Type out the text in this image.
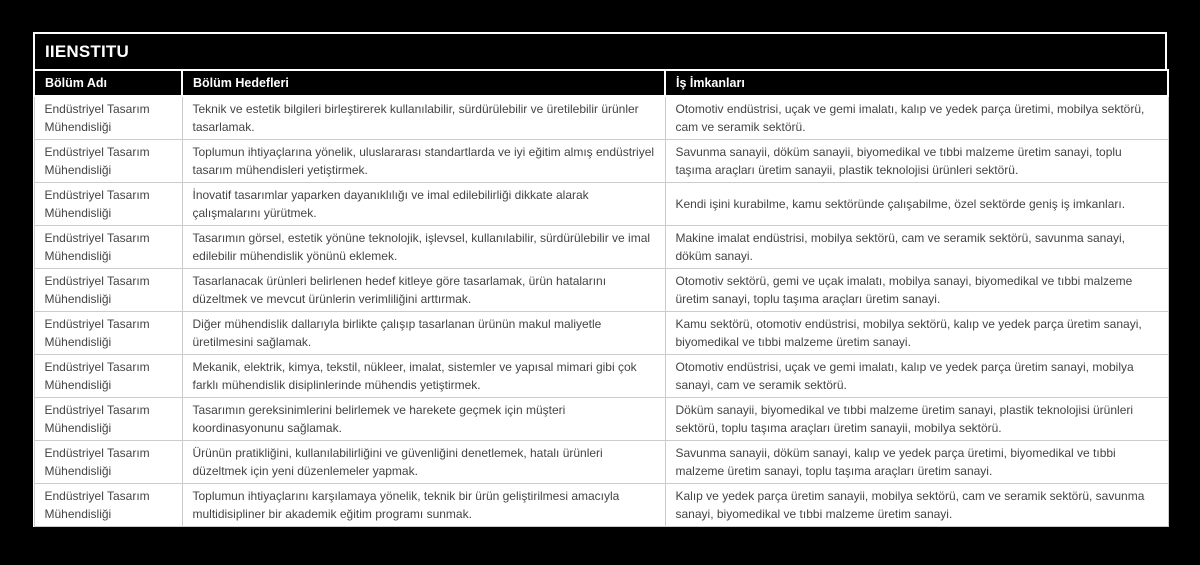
IIENSTITU
Bölüm Adı	Bölüm Hedefleri	İş İmkanları
Endüstriyel Tasarım Mühendisliği	Teknik ve estetik bilgileri birleştirerek kullanılabilir, sürdürülebilir ve üretilebilir ürünler tasarlamak.	Otomotiv endüstrisi, uçak ve gemi imalatı, kalıp ve yedek parça üretimi, mobilya sektörü, cam ve seramik sektörü.
Endüstriyel Tasarım Mühendisliği	Toplumun ihtiyaçlarına yönelik, uluslararası standartlarda ve iyi eğitim almış endüstriyel tasarım mühendisleri yetiştirmek.	Savunma sanayii, döküm sanayii, biyomedikal ve tıbbi malzeme üretim sanayi, toplu taşıma araçları üretim sanayii, plastik teknolojisi ürünleri sektörü.
Endüstriyel Tasarım Mühendisliği	İnovatif tasarımlar yaparken dayanıklılığı ve imal edilebilirliği dikkate alarak çalışmalarını yürütmek.	Kendi işini kurabilme, kamu sektöründe çalışabilme, özel sektörde geniş iş imkanları.
Endüstriyel Tasarım Mühendisliği	Tasarımın görsel, estetik yönüne teknolojik, işlevsel, kullanılabilir, sürdürülebilir ve imal edilebilir mühendislik yönünü eklemek.	Makine imalat endüstrisi, mobilya sektörü, cam ve seramik sektörü, savunma sanayi, döküm sanayi.
Endüstriyel Tasarım Mühendisliği	Tasarlanacak ürünleri belirlenen hedef kitleye göre tasarlamak, ürün hatalarını düzeltmek ve mevcut ürünlerin verimliliğini arttırmak.	Otomotiv sektörü, gemi ve uçak imalatı, mobilya sanayi, biyomedikal ve tıbbi malzeme üretim sanayi, toplu taşıma araçları üretim sanayi.
Endüstriyel Tasarım Mühendisliği	Diğer mühendislik dallarıyla birlikte çalışıp tasarlanan ürünün makul maliyetle üretilmesini sağlamak.	Kamu sektörü, otomotiv endüstrisi, mobilya sektörü, kalıp ve yedek parça üretim sanayi, biyomedikal ve tıbbi malzeme üretim sanayi.
Endüstriyel Tasarım Mühendisliği	Mekanik, elektrik, kimya, tekstil, nükleer, imalat, sistemler ve yapısal mimari gibi çok farklı mühendislik disiplinlerinde mühendis yetiştirmek.	Otomotiv endüstrisi, uçak ve gemi imalatı, kalıp ve yedek parça üretim sanayi, mobilya sanayi, cam ve seramik sektörü.
Endüstriyel Tasarım Mühendisliği	Tasarımın gereksinimlerini belirlemek ve harekete geçmek için müşteri koordinasyonunu sağlamak.	Döküm sanayii, biyomedikal ve tıbbi malzeme üretim sanayi, plastik teknolojisi ürünleri sektörü, toplu taşıma araçları üretim sanayii, mobilya sektörü.
Endüstriyel Tasarım Mühendisliği	Ürünün pratikliğini, kullanılabilirliğini ve güvenliğini denetlemek, hatalı ürünleri düzeltmek için yeni düzenlemeler yapmak.	Savunma sanayii, döküm sanayi, kalıp ve yedek parça üretimi, biyomedikal ve tıbbi malzeme üretim sanayi, toplu taşıma araçları üretim sanayi.
Endüstriyel Tasarım Mühendisliği	Toplumun ihtiyaçlarını karşılamaya yönelik, teknik bir ürün geliştirilmesi amacıyla multidisipliner bir akademik eğitim programı sunmak.	Kalıp ve yedek parça üretim sanayii, mobilya sektörü, cam ve seramik sektörü, savunma sanayi, biyomedikal ve tıbbi malzeme üretim sanayi.
